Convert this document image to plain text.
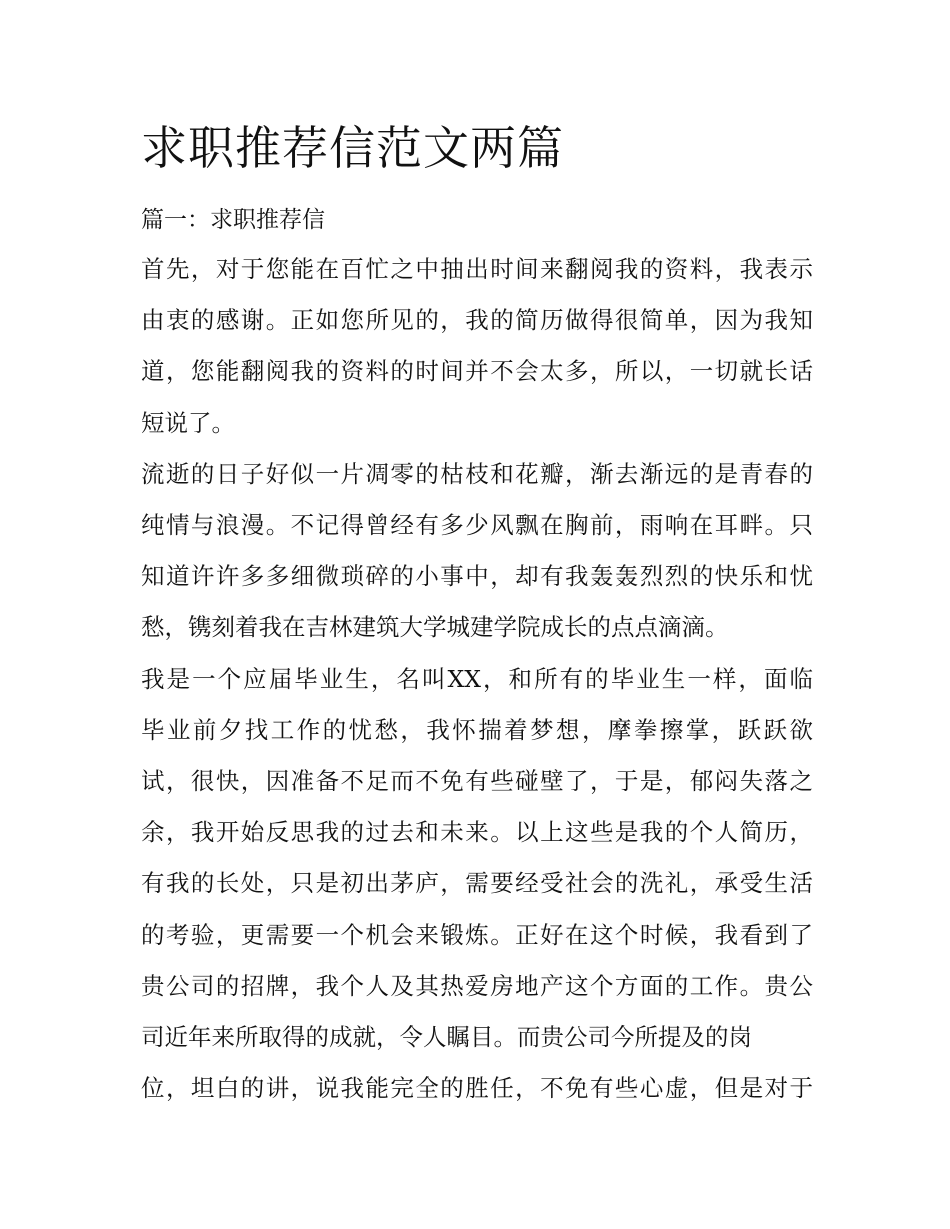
求职推荐信范文两篇
篇一：求职推荐信
首先，对于您能在百忙之中抽出时间来翻阅我的资料，我表示
由衷的感谢。正如您所见的，我的简历做得很简单，因为我知
道，您能翻阅我的资料的时间并不会太多，所以，一切就长话
短说了。
流逝的日子好似一片凋零的枯枝和花瓣，渐去渐远的是青春的
纯情与浪漫。不记得曾经有多少风飘在胸前，雨响在耳畔。只
知道许许多多细微琐碎的小事中，却有我轰轰烈烈的快乐和忧
愁，镌刻着我在吉林建筑大学城建学院成长的点点滴滴。
我是一个应届毕业生，名叫XX，和所有的毕业生一样，面临
毕业前夕找工作的忧愁，我怀揣着梦想，摩拳擦掌，跃跃欲
试，很快，因准备不足而不免有些碰壁了，于是，郁闷失落之
余，我开始反思我的过去和未来。以上这些是我的个人简历，
有我的长处，只是初出茅庐，需要经受社会的洗礼，承受生活
的考验，更需要一个机会来锻炼。正好在这个时候，我看到了
贵公司的招牌，我个人及其热爱房地产这个方面的工作。贵公
司近年来所取得的成就，令人瞩目。而贵公司今所提及的岗
位，坦白的讲，说我能完全的胜任，不免有些心虚，但是对于
